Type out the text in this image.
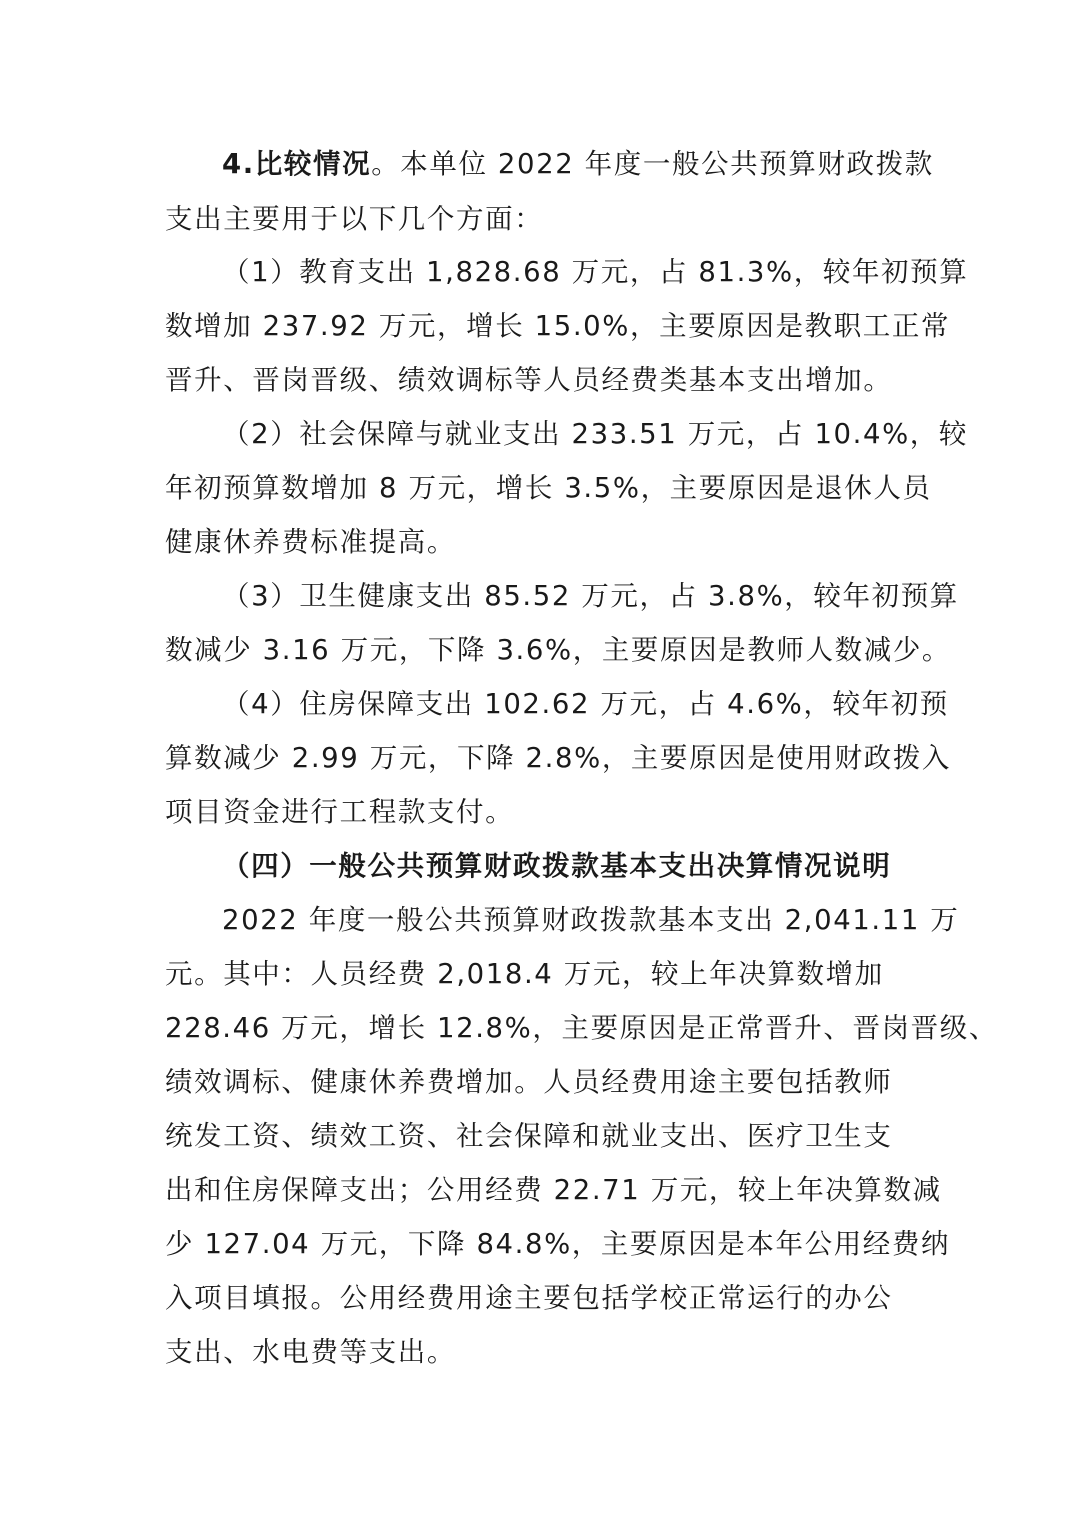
4.比较情况。本单位 2022 年度一般公共预算财政拨款
支出主要用于以下几个方面：
（1）教育支出 1,828.68 万元，占 81.3%，较年初预算
数增加 237.92 万元，增长 15.0%，主要原因是教职工正常
晋升、晋岗晋级、绩效调标等人员经费类基本支出增加。
（2）社会保障与就业支出 233.51 万元，占 10.4%，较
年初预算数增加 8 万元，增长 3.5%，主要原因是退休人员
健康休养费标准提高。
（3）卫生健康支出 85.52 万元，占 3.8%，较年初预算
数减少 3.16 万元，下降 3.6%，主要原因是教师人数减少。
（4）住房保障支出 102.62 万元，占 4.6%，较年初预
算数减少 2.99 万元，下降 2.8%，主要原因是使用财政拨入
项目资金进行工程款支付。
（四）一般公共预算财政拨款基本支出决算情况说明
2022 年度一般公共预算财政拨款基本支出 2,041.11 万
元。其中：人员经费 2,018.4 万元，较上年决算数增加
228.46 万元，增长 12.8%，主要原因是正常晋升、晋岗晋级、
绩效调标、健康休养费增加。人员经费用途主要包括教师
统发工资、绩效工资、社会保障和就业支出、医疗卫生支
出和住房保障支出；公用经费 22.71 万元，较上年决算数减
少 127.04 万元，下降 84.8%，主要原因是本年公用经费纳
入项目填报。公用经费用途主要包括学校正常运行的办公
支出、水电费等支出。
